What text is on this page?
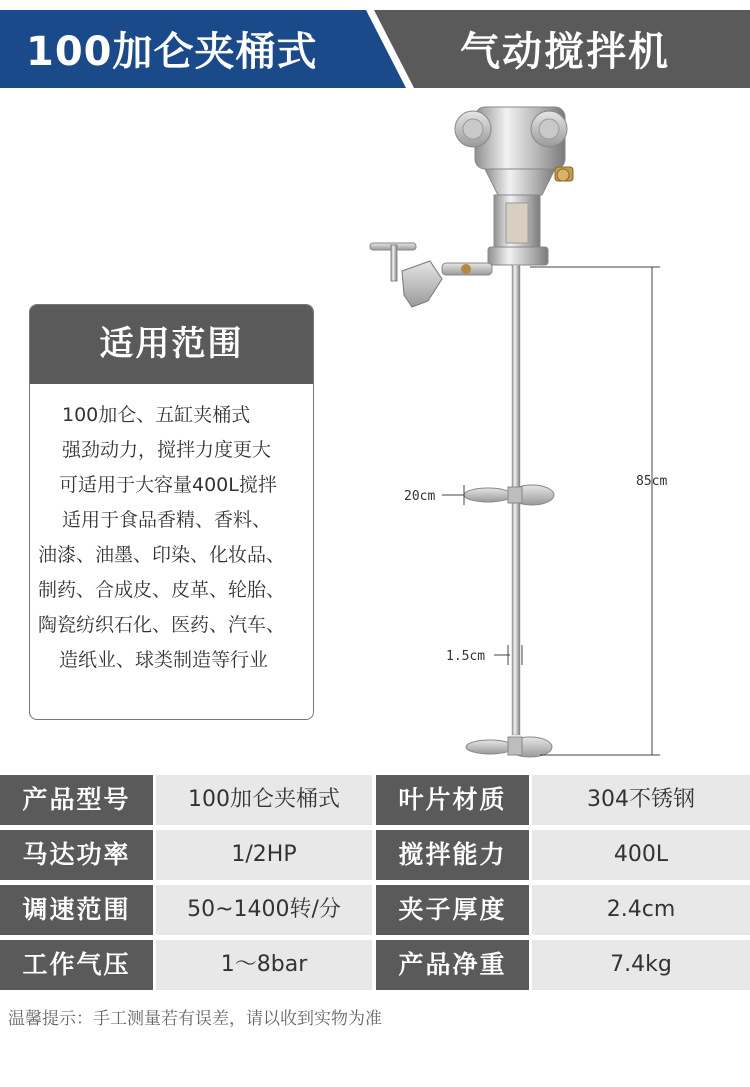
100加仑夹桶式	气动搅拌机
适用范围
100加仑、五缸夹桶式
强劲动力，搅拌力度更大
可适用于大容量400L搅拌
适用于食品香精、香料、
油漆、油墨、印染、化妆品、
制药、合成皮、皮革、轮胎、
陶瓷纺织石化、医药、汽车、
造纸业、球类制造等行业
85cm
20cm
1.5cm
产品型号	100加仑夹桶式	叶片材质	304不锈钢
马达功率	1/2HP	搅拌能力	400L
调速范围	50~1400转/分	夹子厚度	2.4cm
工作气压	1～8bar	产品净重	7.4kg
温馨提示：手工测量若有误差，请以收到实物为准
